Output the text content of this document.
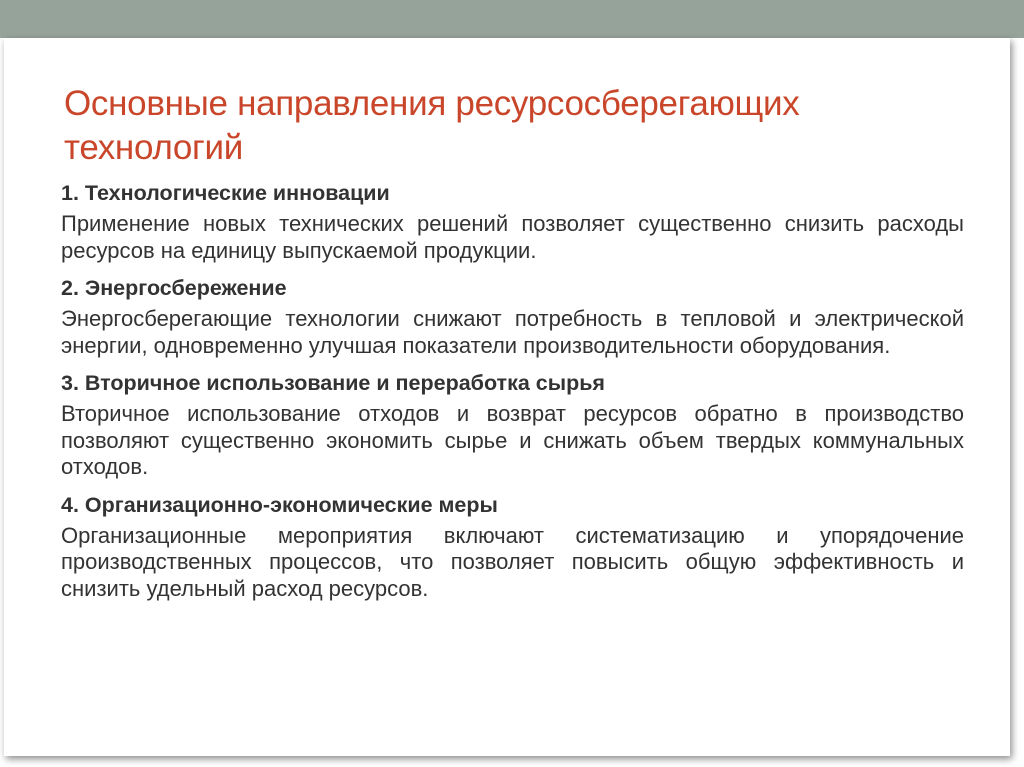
Основные направления ресурсосберегающих технологий

1. Технологические инновации

Применение новых технических решений позволяет существенно снизить расходы ресурсов на единицу выпускаемой продукции.

2. Энергосбережение

Энергосберегающие технологии снижают потребность в тепловой и электрической энергии, одновременно улучшая показатели производительности оборудования.

3. Вторичное использование и переработка сырья

Вторичное использование отходов и возврат ресурсов обратно в производство позволяют существенно экономить сырье и снижать объем твердых коммунальных отходов.

4. Организационно-экономические меры

Организационные мероприятия включают систематизацию и упорядочение производственных процессов, что позволяет повысить общую эффективность и снизить удельный расход ресурсов.
